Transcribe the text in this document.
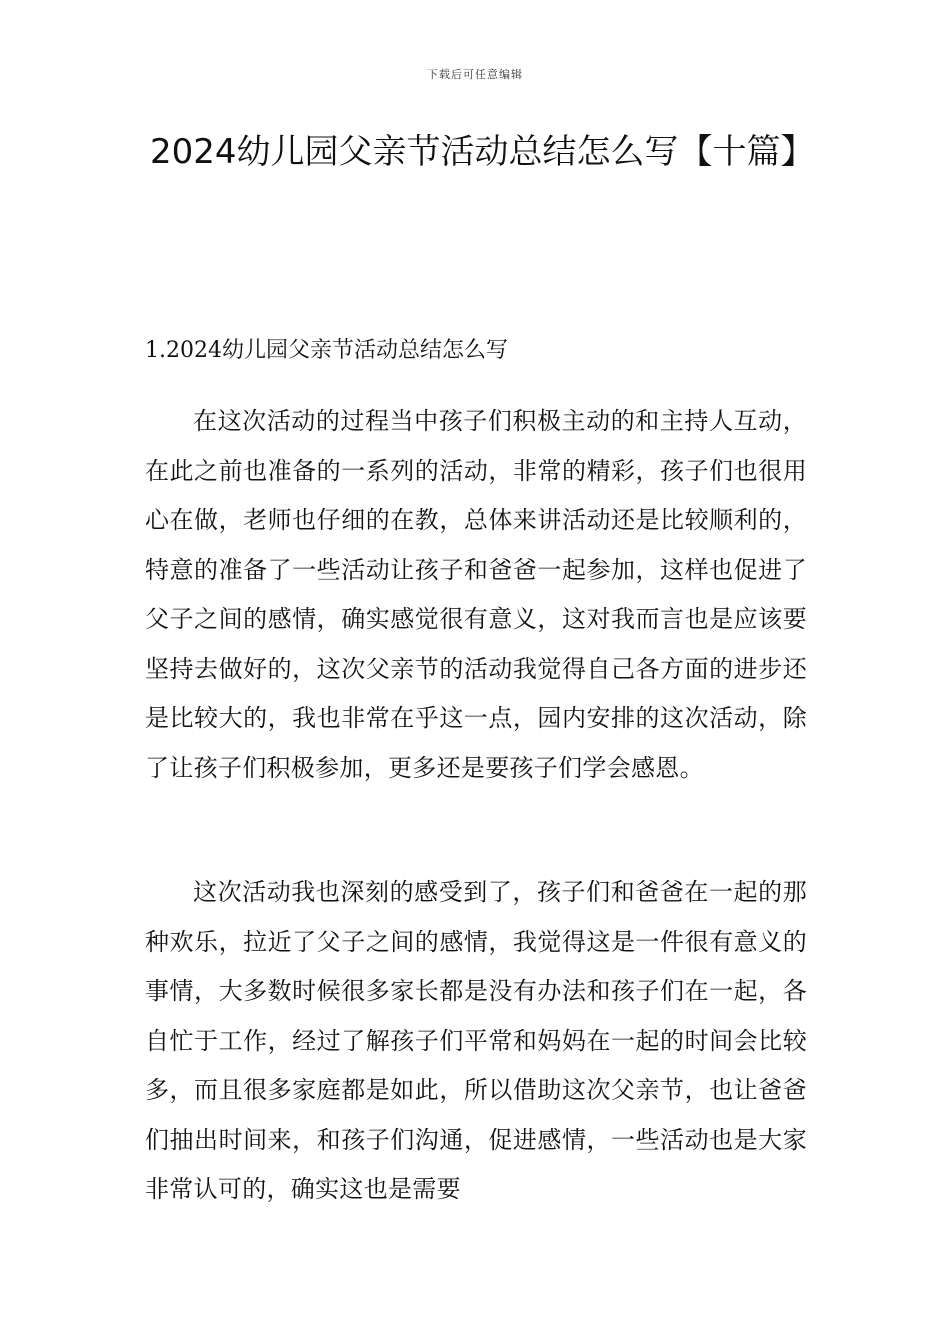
下载后可任意编辑
2024幼儿园父亲节活动总结怎么写【十篇】
1.2024幼儿园父亲节活动总结怎么写

在这次活动的过程当中孩子们积极主动的和主持人互动，在此之前也准备的一系列的活动，非常的精彩，孩子们也很用心在做，老师也仔细的在教，总体来讲活动还是比较顺利的，特意的准备了一些活动让孩子和爸爸一起参加，这样也促进了父子之间的感情，确实感觉很有意义，这对我而言也是应该要坚持去做好的，这次父亲节的活动我觉得自己各方面的进步还是比较大的，我也非常在乎这一点，园内安排的这次活动，除了让孩子们积极参加，更多还是要孩子们学会感恩。

这次活动我也深刻的感受到了，孩子们和爸爸在一起的那种欢乐，拉近了父子之间的感情，我觉得这是一件很有意义的事情，大多数时候很多家长都是没有办法和孩子们在一起，各自忙于工作，经过了解孩子们平常和妈妈在一起的时间会比较多，而且很多家庭都是如此，所以借助这次父亲节，也让爸爸们抽出时间来，和孩子们沟通，促进感情，一些活动也是大家非常认可的，确实这也是需要
